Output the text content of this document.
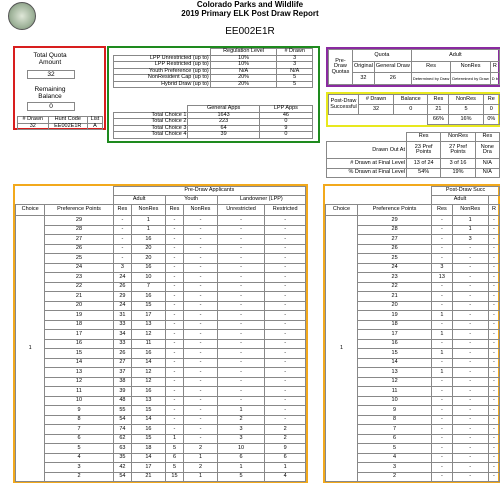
Colorado Parks and Wildlife
2019 Primary ELK Post Draw Report
EE002E1R
Total Quota Amount
32
Remaining Balance
0
# Drawn	Hunt Code	List
32	EE002E1R	A
	Regulation Level	# Drawn
LPP Unrestricted (up to)	10%	3
LPP Restricted (up to)	10%	3
Youth Preference (up to)	N/A	N/A
NonResident Cap (up to)	20%	5
Hybrid Draw (up to)	20%	5
	General Apps	LPP Apps
Total Choice 1	1643	46
Total Choice 2	223	0
Total Choice 3	64	9
Total Choice 4	39	0
Pre-Draw Quotas	Quota		Adult		
	Original	General Draw	Res	NonRes	R
	32	26	Determined by Draw	Determined by Draw	D b
Post-Draw Successful	# Drawn	Balance	Res	NonRes	Re
	32	0	21	5	0
			66%	16%	0%
	Res	NonRes	Res
Drawn Out At	23 Pref Points	27 Pref Points	None Dra
# Drawn at Final Level	13 of 24	3 of 16	N/A
% Drawn at Final Level	54%	19%	N/A
		Pre-Draw Applicants					
		Adult		Youth		Landowner (LPP)	
Choice	Preference Points	Res	NonRes	Res	NonRes	Unrestricted	Restricted
1	29	-	1	-	-	-	-
	28	-	1	-	-	-	-
	27	-	16	-	-	-	-
	26	-	20	-	-	-	-
	25	-	20	-	-	-	-
	24	3	16	-	-	-	-
	23	24	10	-	-	-	-
	22	26	7	-	-	-	-
	21	29	16	-	-	-	-
	20	24	15	-	-	-	-
	19	31	17	-	-	-	-
	18	33	13	-	-	-	-
	17	34	12	-	-	-	-
	16	33	11	-	-	-	-
	15	26	16	-	-	-	-
	14	27	14	-	-	-	-
	13	37	12	-	-	-	-
	12	38	12	-	-	-	-
	11	39	16	-	-	-	-
	10	48	13	-	-	-	-
	9	55	15	-	-	1	-
	8	54	14	-	-	2	-
	7	74	16	-	-	3	2
	6	62	15	1	-	3	2
	5	63	18	5	2	10	9
	4	35	14	6	1	6	6
	3	42	17	5	2	1	1
	2	54	21	15	1	5	4
		Post-Draw Succ		
		Adult		
Choice	Preference Points	Res	NonRes	R
1	29	-	1	-
	28	-	1	-
	27	-	3	-
	26	-	-	-
	25	-	-	-
	24	3	-	-
	23	13	-	-
	22	-	-	-
	21	-	-	-
	20	-	-	-
	19	1	-	-
	18	-	-	-
	17	1	-	-
	16	-	-	-
	15	1	-	-
	14	-	-	-
	13	1	-	-
	12	-	-	-
	11	-	-	-
	10	-	-	-
	9	-	-	-
	8	-	-	-
	7	-	-	-
	6	-	-	-
	5	-	-	-
	4	-	-	-
	3	-	-	-
	2	-	-	-
